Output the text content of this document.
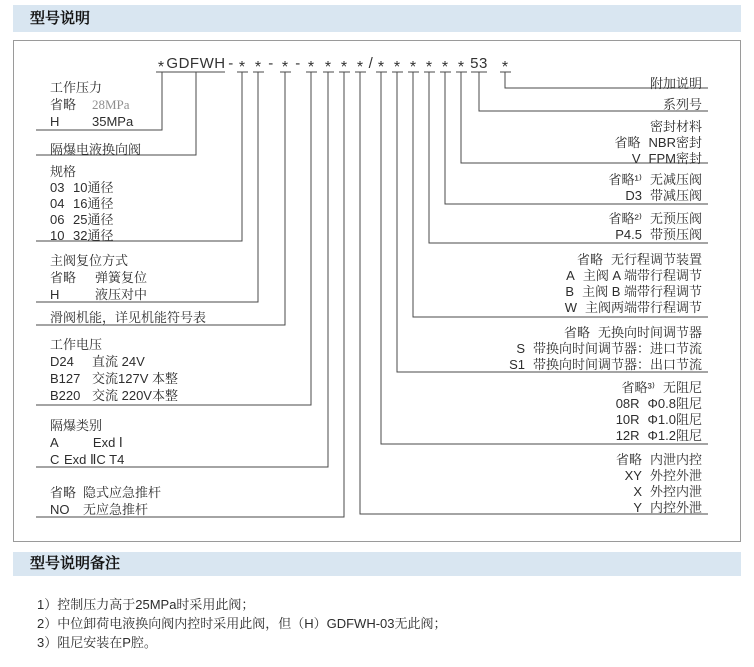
型号说明
* GDFWH - * * - * - * * * * / * * * * * * 53 *
工作压力
省略	28MPa
H	35MPa
隔爆电液换向阀
规格
03 10通径
04 16通径
06 25通径
10 32通径
主阀复位方式
省略	弹簧复位
H	液压对中
滑阀机能，详见机能符号表
工作电压
D24	直流 24V
B127 交流127V 本整
B220 交流 220V本整
隔爆类别
A Exd Ⅰ
C Exd ⅡC T4
省略 隐式应急推杆
NO	无应急推杆
附加说明
系列号
密封材料
省略 NBR密封
V FPM密封
省略¹⁾ 无减压阀
D3 带减压阀
省略²⁾ 无预压阀
P4.5 带预压阀
省略 无行程调节装置
A 主阀 A 端带行程调节
B 主阀 B 端带行程调节
W 主阀两端带行程调节
省略 无换向时间调节器
S 带换向时间调节器：进口节流
S1 带换向时间调节器：出口节流
省略³⁾ 无阻尼
08R Φ0.8阻尼
10R Φ1.0阻尼
12R Φ1.2阻尼
省略 内泄内控
XY 外控外泄
X 外控内泄
Y 内控外泄
型号说明备注
1）控制压力高于25MPa时采用此阀；
2）中位卸荷电液换向阀内控时采用此阀，但（H）GDFWH-03无此阀；
3）阻尼安装在P腔。
